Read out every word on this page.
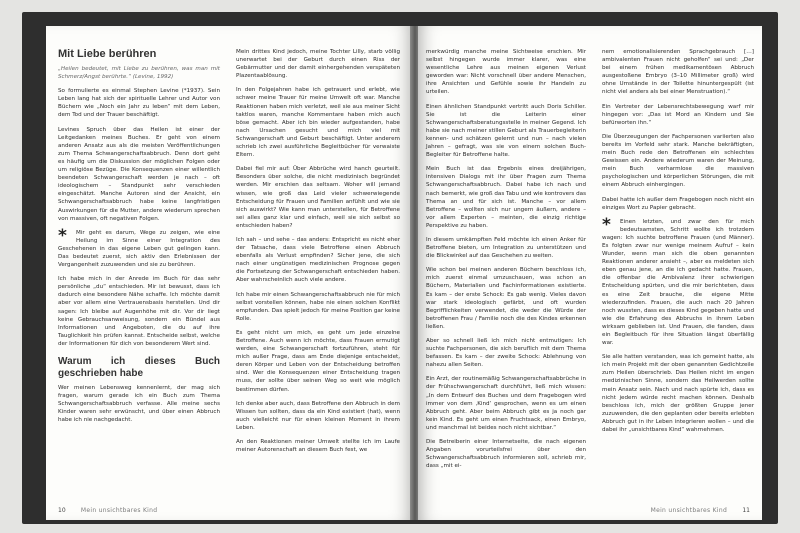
Mit Liebe berühren

„Heilen bedeutet, mit Liebe zu berühren, was man mit Schmerz/Angst berührte.“ (Levine, 1992)

So formulierte es einmal Stephen Levine (*1937). Sein Leben lang hat sich der spirituelle Lehrer und Autor von Büchern wie „Noch ein Jahr zu leben“ mit dem Leben, dem Tod und der Trauer beschäftigt.

Levines Spruch über das Heilen ist einer der Leitgedanken meines Buches. Er geht von einem anderen Ansatz aus als die meisten Veröffentlichungen zum Thema Schwangerschaftsabbruch. Denn dort geht es häufig um die Diskussion der möglichen Folgen oder um religiöse Bezüge. Die Konsequenzen einer willentlich beendeten Schwangerschaft werden je nach – oft ideologischem – Standpunkt sehr verschieden eingeschätzt. Manche Autoren sind der Ansicht, ein Schwangerschaftsabbruch habe keine langfristigen Auswirkungen für die Mutter, andere wiederum sprechen von massiven, oft negativen Folgen.

*	Mir geht es darum, Wege zu zeigen, wie eine Heilung im Sinne einer Integration des Geschehenen in das eigene Leben gut gelingen kann. Das bedeutet zuerst, sich aktiv den Erlebnissen der Vergangenheit zuzuwenden und sie zu berühren.

Ich habe mich in der Anrede im Buch für das sehr persönliche „du“ entschieden. Mir ist bewusst, dass ich dadurch eine besondere Nähe schaffe. Ich möchte damit aber vor allem eine Vertrauensbasis herstellen. Und dir sagen: Ich bleibe auf Augenhöhe mit dir. Vor dir liegt keine Gebrauchsanweisung, sondern ein Bündel aus Informationen und Angeboten, die du auf ihre Tauglichkeit hin prüfen kannst. Entscheide selbst, welche der Informationen für dich von besonderem Wert sind.

Warum ich dieses Buch geschrieben habe

Wer meinen Lebensweg kennenlernt, der mag sich fragen, warum gerade ich ein Buch zum Thema Schwangerschaftsabbruch verfasse. Alle meine sechs Kinder waren sehr erwünscht, und über einen Abbruch habe ich nie nachgedacht.

Mein drittes Kind jedoch, meine Tochter Lilly, starb völlig unerwartet bei der Geburt durch einen Riss der Gebärmutter und der damit einhergehenden verspäteten Plazentaablösung.

In den Folgejahren habe ich getrauert und erlebt, wie schwer meine Trauer für meine Umwelt oft war. Manche Reaktionen haben mich verletzt, weil sie aus meiner Sicht taktlos waren, manche Kommentare haben mich auch böse gemacht. Aber ich bin wieder aufgestanden, habe nach Ursachen gesucht und mich viel mit Schwangerschaft und Geburt beschäftigt. Unter anderem schrieb ich zwei ausführliche Begleitbücher für verwaiste Eltern.

Dabei fiel mir auf: Über Abbrüche wird hanch geurteilt. Besonders über solche, die nicht medizinisch begründet werden. Mir erschien das seltsam. Woher will jemand wissen, wie groß das Leid vieler schwerwiegende Entscheidung für Frauen und Familien anfühlt und wie sie sich auswirkt? Wie kann man unterstellen, für Betroffene sei alles ganz klar und einfach, weil sie sich selbst so entschieden haben?

Ich sah – und sehe – das anders: Entspricht es nicht eher der Tatsache, dass viele Betroffene einen Abbruch ebenfalls als Verlust empfinden? Sicher jene, die sich nach einer ungünstigen medizinischen Prognose gegen die Fortsetzung der Schwangerschaft entschieden haben. Aber wahrscheinlich auch viele andere.

Ich habe mir einen Schwangerschaftsabbruch nie für mich selbst vorstellen können, habe nie einen solchen Konflikt empfunden. Das spielt jedoch für meine Position gar keine Rolle.

Es geht nicht um mich, es geht um jede einzelne Betroffene. Auch wenn ich möchte, dass Frauen ermutigt werden, eine Schwangerschaft fortzuführen, steht für mich außer Frage, dass am Ende diejenige entscheidet, deren Körper und Leben von der Entscheidung betroffen sind. Wer die Konsequenzen einer Entscheidung tragen muss, der sollte über seinen Weg so weit wie möglich bestimmen dürfen.

Ich denke aber auch, dass Betroffene den Abbruch in dem Wissen tun sollten, dass da ein Kind existiert (hat), wenn auch vielleicht nur für einen kleinen Moment in ihrem Leben.

An den Reaktionen meiner Umwelt stellte ich im Laufe meiner Autorenschaft an diesem Buch fest, we

10	Mein unsichtbares Kind

merkwürdig manche meine Sichtweise erschien. Mir selbst hingegen wurde immer klarer, was eine wesentliche Lehre aus meinen eigenen Verlust geworden war: Nicht vorschnell über andere Menschen, ihre Ansichten und Gefühle sowie ihr Handeln zu urteilen.

Einen ähnlichen Standpunkt vertritt auch Doris Schiller. Sie ist die Leiterin einer Schwangerschaftsberatungsstelle in meiner Gegend. Ich habe sie nach meiner stillen Geburt als Trauerbegleiterin kennen- und schätzen gelernt und nun – nach vielen Jahren – gefragt, was sie von einem solchen Buch-Begleiter für Betroffene halte.

Mein Buch ist das Ergebnis eines dreijährigen, intensiven Dialogs mit ihr über Fragen zum Thema Schwangerschaftsabbruch. Dabei habe ich nach und nach bemerkt, wie groß das Tabu und wie kontrovers das Thema an und für sich ist. Manche – vor allem Betroffene – wollten sich nur ungern äußern, andere – vor allem Experten – meinten, die einzig richtige Perspektive zu haben.

In diesem umkämpften Feld möchte ich einen Anker für Betroffene bieten, um Integration zu unterstützen und die Blickwinkel auf das Geschehen zu weiten.

Wie schon bei meinen anderen Büchern beschloss ich, mich zuerst einmal umzuschauen, was schon an Büchern, Materialien und Fachinformationen existierte. Es kam – der erste Schock: Es gab wenig. Vieles davon war stark ideologisch gefärbt, und oft wurden Begrifflichkeiten verwendet, die weder die Würde der betroffenen Frau / Familie noch die des Kindes erkennen ließen.

Aber so schnell ließ ich mich nicht entmutigen: Ich suchte Fachpersonen, die sich beruflich mit dem Thema befassen. Es kam – der zweite Schock: Ablehnung von nahezu allen Seiten.

Ein Arzt, der routinemäßig Schwangerschaftsabbrüche in der Frühschwangerschaft durchführt, ließ mich wissen: „In dem Entwurf des Buches und dem Fragebogen wird immer von dem ‚Kind‘ gesprochen, wenn es um einen Abbruch geht. Aber beim Abbruch gibt es ja noch gar kein Kind. Es geht um einen Fruchtsack, einen Embryo, und manchmal ist beides noch nicht sichtbar.“

Die Betreiberin einer Internetseite, die nach eigenen Angaben vorurteilsfrei über den Schwangerschaftsabbruch informieren soll, schrieb mir, dass „mit ei-

nem emotionalisierenden Sprachgebrauch […] ambivalenten Frauen nicht geholfen“ sei und: „Der bei einem frühen medikamentösen Abbruch ausgestoßene Embryo (3–10 Millimeter groß) wird ohne Umstände in der Toilette hinuntergespült (ist nicht viel anders als bei einer Menstruation).“

Ein Vertreter der Lebensrechtsbewegung warf mir hingegen vor: „Das ist Mord an Kindern und Sie befürworten ihn.“

Die Überzeugungen der Fachpersonen variierten also bereits im Vorfeld sehr stark. Manche bekräftigten, mein Buch rede den Betroffenen ein schlechtes Gewissen ein. Andere wiederum waren der Meinung, mein Buch verharmlose die massiven psychologischen und körperlichen Störungen, die mit einem Abbruch einhergingen.

Dabei hatte ich außer dem Fragebogen noch nicht ein einziges Wort zu Papier gebracht.

*	Einen letzten, und zwar den für mich bedeutsamsten, Schritt wollte ich trotzdem wagen: Ich suchte betroffene Frauen (und Männer). Es folgten zwar nur wenige meinem Aufruf – kein Wunder, wenn man sich die oben genannten Reaktionen anderer ansieht –, aber es meldeten sich eben genau jene, an die ich gedacht hatte. Frauen, die offenbar die Ambivalenz ihrer schwierigen Entscheidung spürten, und die mir berichteten, dass es eine Zeit brauche, die eigene Mitte wiederzufinden. Frauen, die auch nach 20 Jahren noch wussten, dass es dieses Kind gegeben hatte und wie die Erfahrung des Abbruchs in ihrem Leben wirksam geblieben ist. Und Frauen, die fanden, dass ein Begleitbuch für ihre Situation längst überfällig war.

Sie alle hatten verstanden, was ich gemeint hatte, als ich mein Projekt mit der oben genannten Gedichtzeile zum Heilen überschrieb. Das Heilen nicht im engen medizinischen Sinne, sondern das Heilwerden sollte mein Ansatz sein. Nach und nach spürte ich, dass es nicht jedem würde recht machen können. Deshalb beschloss ich, mich der größten Gruppe jener zuzuwenden, die den geplanten oder bereits erlebten Abbruch gut in ihr Leben integrieren wollen – und die dabei ihr „unsichtbares Kind“ wahrnehmen.

Mein unsichtbares Kind	11
